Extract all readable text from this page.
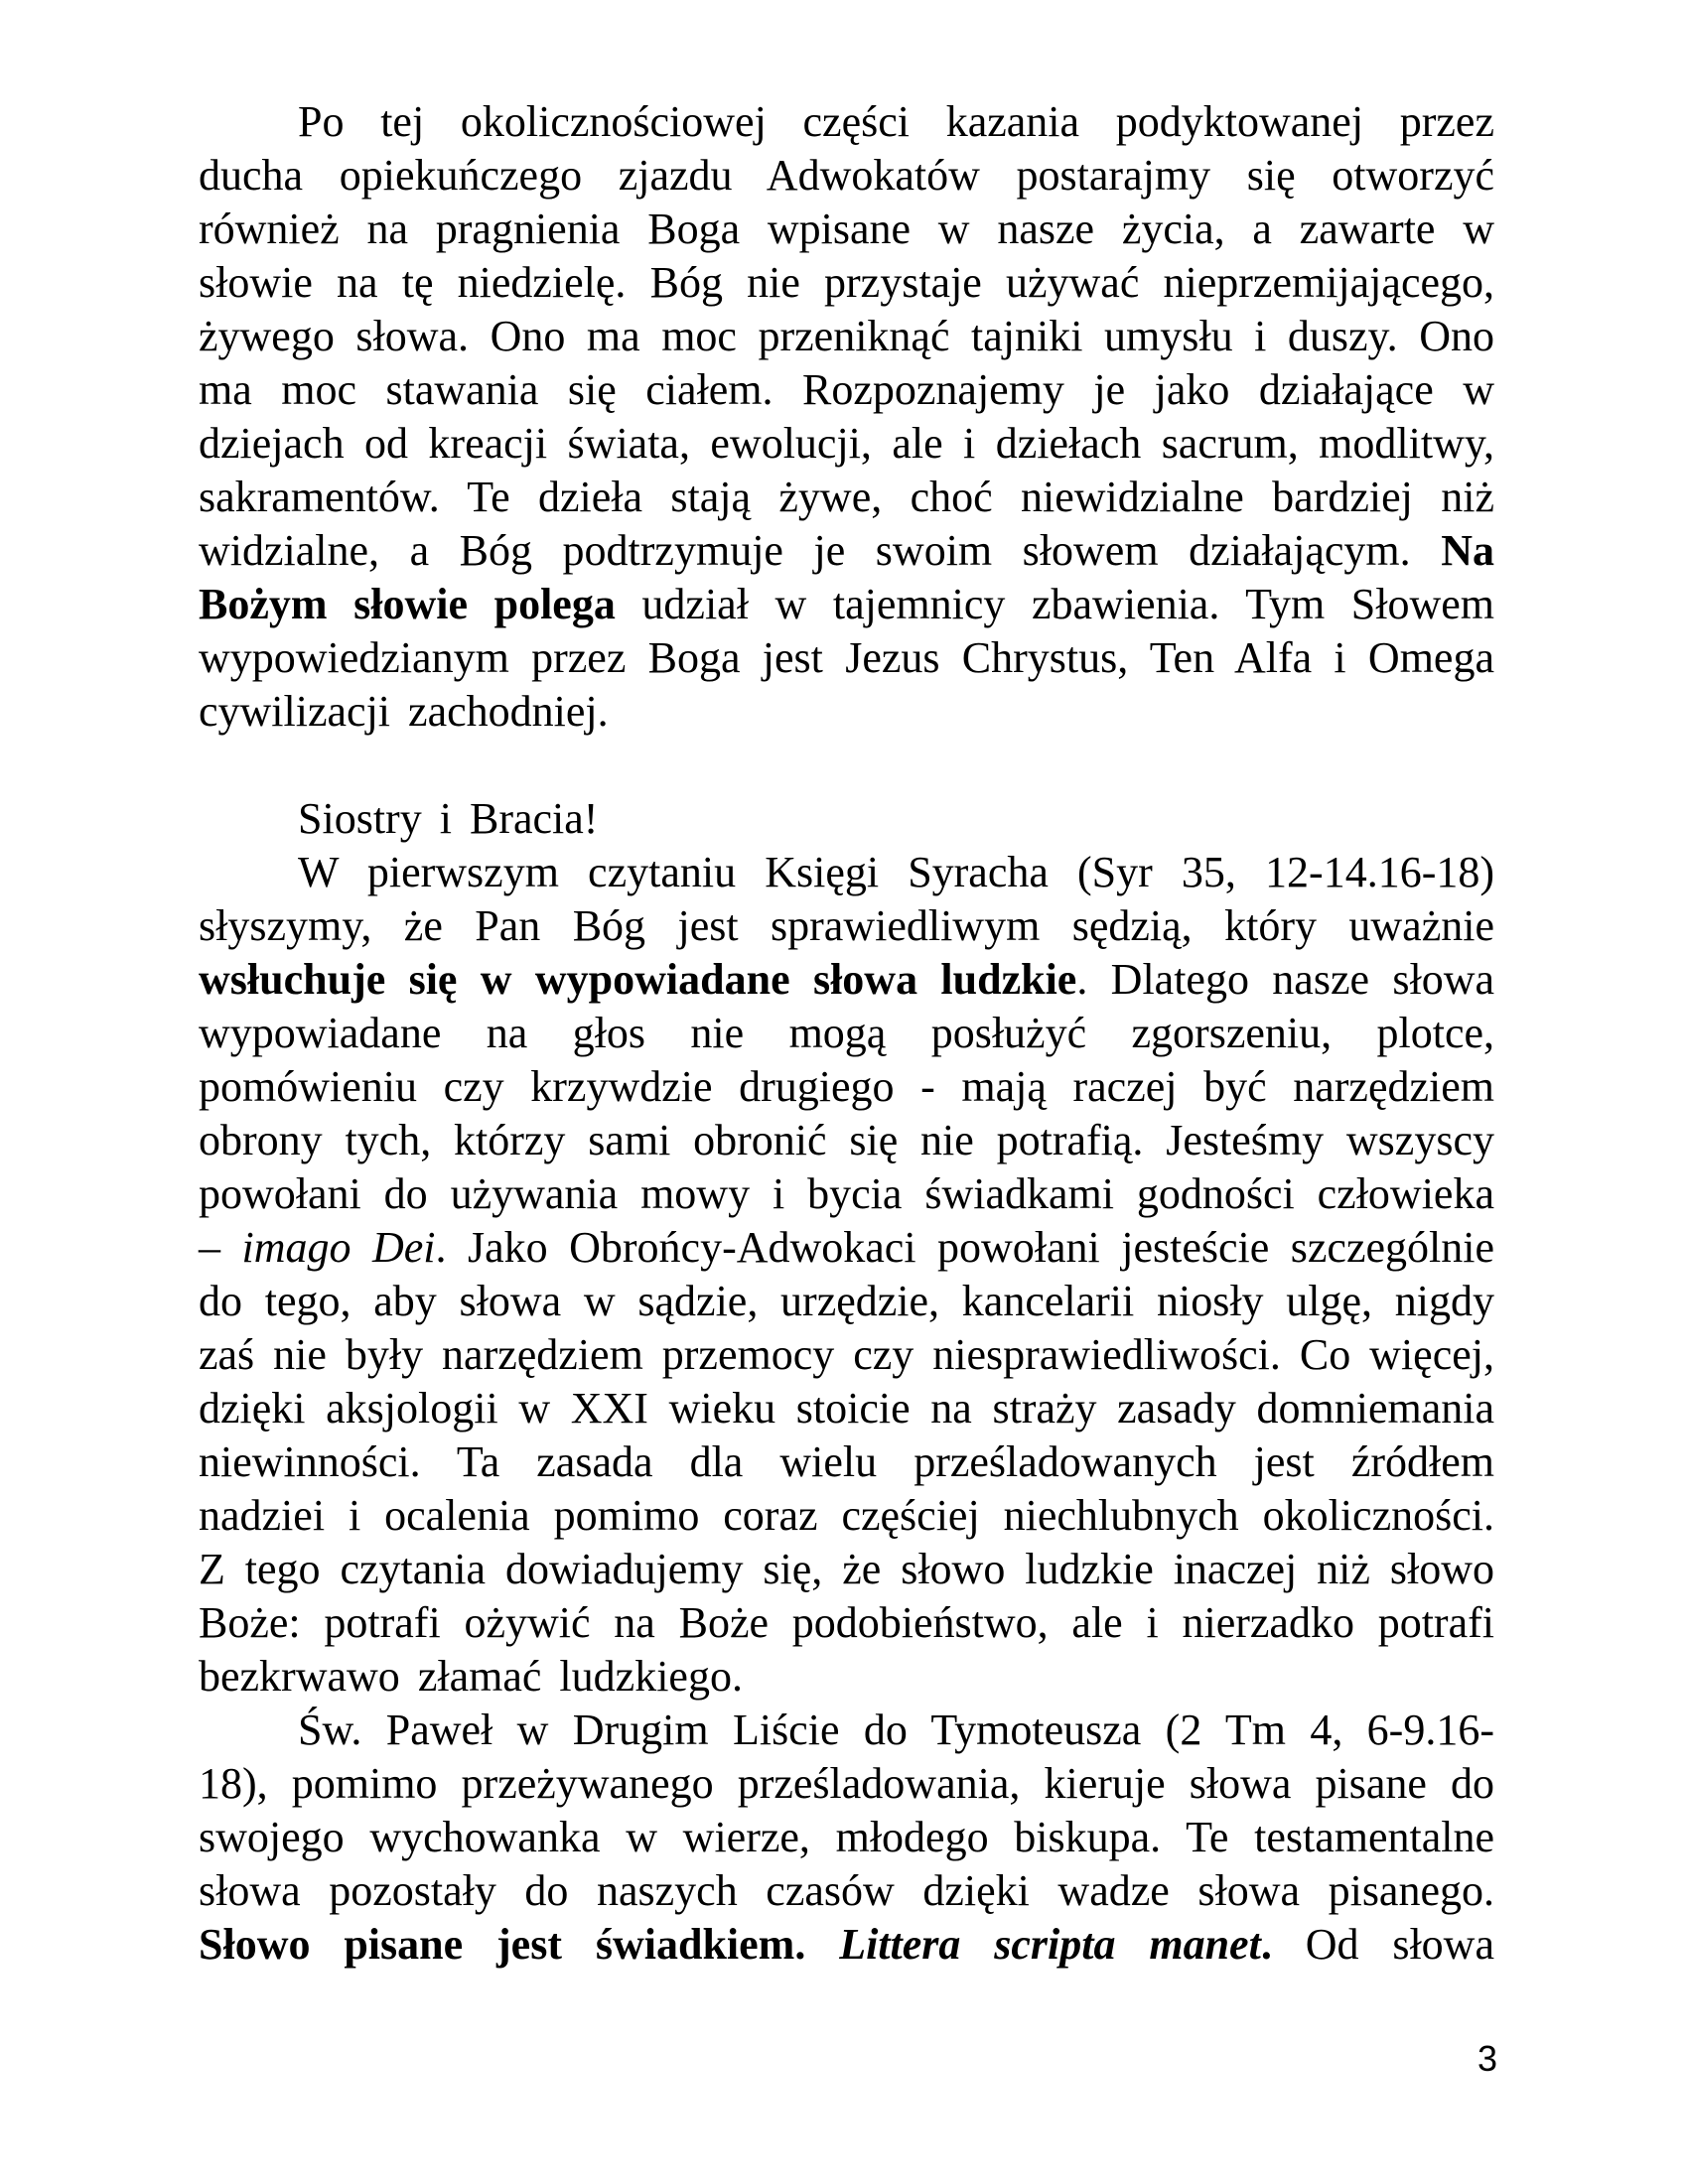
Po tej okolicznościowej części kazania podyktowanej przez ducha opiekuńczego zjazdu Adwokatów postarajmy się otworzyć również na pragnienia Boga wpisane w nasze życia, a zawarte w słowie na tę niedzielę. Bóg nie przystaje używać nieprzemijającego, żywego słowa. Ono ma moc przeniknąć tajniki umysłu i duszy. Ono ma moc stawania się ciałem. Rozpoznajemy je jako działające w dziejach od kreacji świata, ewolucji, ale i dziełach sacrum, modlitwy, sakramentów. Te dzieła stają żywe, choć niewidzialne bardziej niż widzialne, a Bóg podtrzymuje je swoim słowem działającym. Na Bożym słowie polega udział w tajemnicy zbawienia. Tym Słowem wypowiedzianym przez Boga jest Jezus Chrystus, Ten Alfa i Omega cywilizacji zachodniej.

Siostry i Bracia!

W pierwszym czytaniu Księgi Syracha (Syr 35, 12-14.16-18) słyszymy, że Pan Bóg jest sprawiedliwym sędzią, który uważnie wsłuchuje się w wypowiadane słowa ludzkie. Dlatego nasze słowa wypowiadane na głos nie mogą posłużyć zgorszeniu, plotce, pomówieniu czy krzywdzie drugiego - mają raczej być narzędziem obrony tych, którzy sami obronić się nie potrafią. Jesteśmy wszyscy powołani do używania mowy i bycia świadkami godności człowieka – imago Dei. Jako Obrońcy-Adwokaci powołani jesteście szczególnie do tego, aby słowa w sądzie, urzędzie, kancelarii niosły ulgę, nigdy zaś nie były narzędziem przemocy czy niesprawiedliwości. Co więcej, dzięki aksjologii w XXI wieku stoicie na straży zasady domniemania niewinności. Ta zasada dla wielu prześladowanych jest źródłem nadziei i ocalenia pomimo coraz częściej niechlubnych okoliczności. Z tego czytania dowiadujemy się, że słowo ludzkie inaczej niż słowo Boże: potrafi ożywić na Boże podobieństwo, ale i nierzadko potrafi bezkrwawo złamać ludzkiego.

Św. Paweł w Drugim Liście do Tymoteusza (2 Tm 4, 6-9.16-18), pomimo przeżywanego prześladowania, kieruje słowa pisane do swojego wychowanka w wierze, młodego biskupa. Te testamentalne słowa pozostały do naszych czasów dzięki wadze słowa pisanego. Słowo pisane jest świadkiem. Littera scripta manet. Od słowa

3
